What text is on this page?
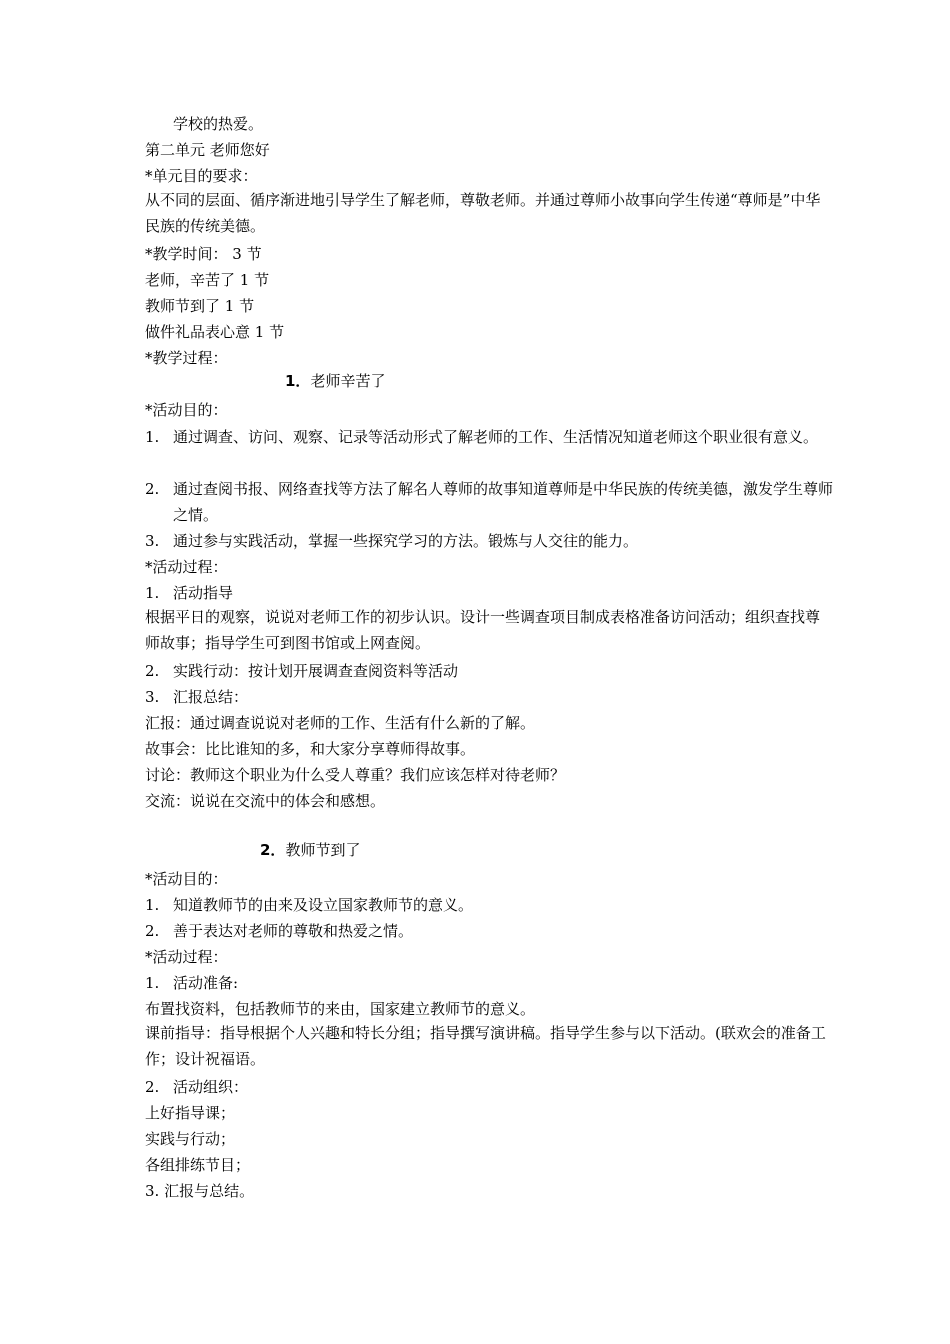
学校的热爱。
第二单元 老师您好
*单元目的要求：
从不同的层面、循序渐进地引导学生了解老师，尊敬老师。并通过尊师小故事向学生传递“尊师是”中华民族的传统美德。
*教学时间： 3 节
老师，辛苦了 1 节
教师节到了 1 节
做件礼品表心意 1 节
*教学过程：
1．老师辛苦了
*活动目的：
1. 通过调查、访问、观察、记录等活动形式了解老师的工作、生活情况知道老师这个职业很有意义。
2. 通过查阅书报、网络查找等方法了解名人尊师的故事知道尊师是中华民族的传统美德，激发学生尊师之情。
3. 通过参与实践活动，掌握一些探究学习的方法。锻炼与人交往的能力。
*活动过程：
1. 活动指导
根据平日的观察，说说对老师工作的初步认识。设计一些调查项目制成表格准备访问活动；组织查找尊师故事；指导学生可到图书馆或上网查阅。
2. 实践行动：按计划开展调查查阅资料等活动
3. 汇报总结：
汇报：通过调查说说对老师的工作、生活有什么新的了解。
故事会：比比谁知的多，和大家分享尊师得故事。
讨论：教师这个职业为什么受人尊重？我们应该怎样对待老师？
交流：说说在交流中的体会和感想。
2．教师节到了
*活动目的：
1. 知道教师节的由来及设立国家教师节的意义。
2. 善于表达对老师的尊敬和热爱之情。
*活动过程：
1. 活动准备:
布置找资料，包括教师节的来由，国家建立教师节的意义。
课前指导：指导根据个人兴趣和特长分组；指导撰写演讲稿。指导学生参与以下活动。(联欢会的准备工作；设计祝福语。
2. 活动组织：
上好指导课；
实践与行动；
各组排练节目；
3. 汇报与总结。
